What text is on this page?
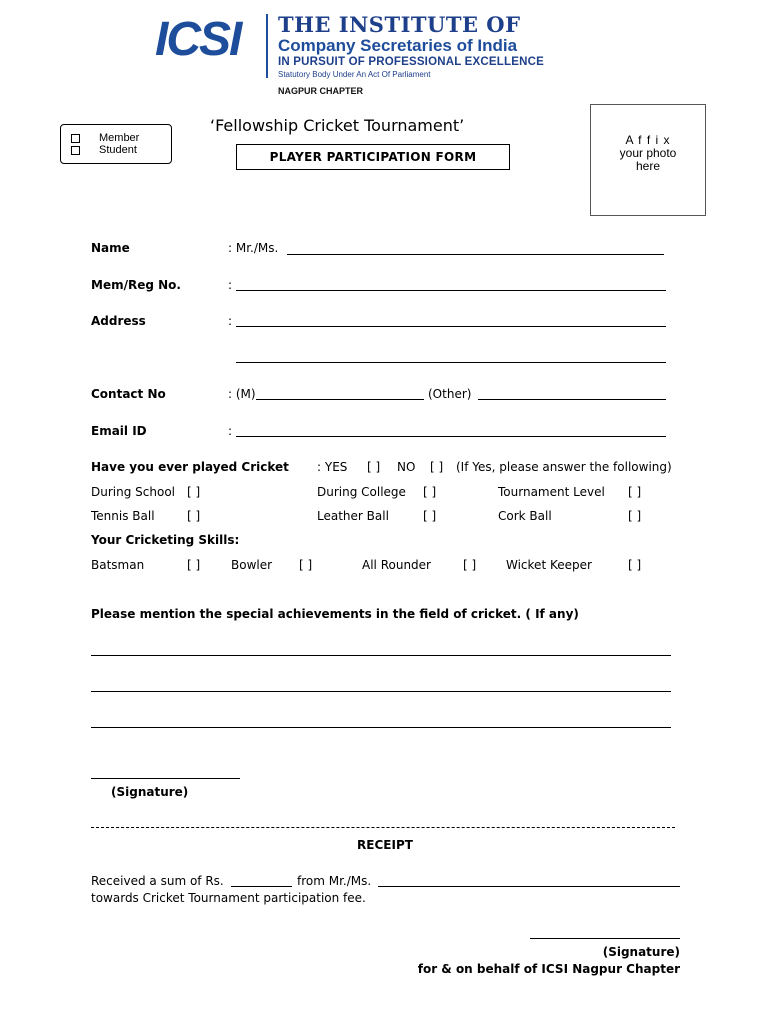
ICSI THE INSTITUTE OF
Company Secretaries of India
IN PURSUIT OF PROFESSIONAL EXCELLENCE
Statutory Body Under An Act Of Parliament
NAGPUR CHAPTER
Member
Student
‘Fellowship Cricket Tournament’
PLAYER PARTICIPATION FORM
A f f i x
your photo
here
Name	: Mr./Ms.
Mem/Reg No.	:
Address	:
Contact No	: (M)	(Other)
Email ID	:
Have you ever played Cricket : YES [ ] NO [ ] (If Yes, please answer the following)
During School [ ]	During College [ ]	Tournament Level [ ]
Tennis Ball	[ ]	Leather Ball	[ ]	Cork Ball	[ ]
Your Cricketing Skills:
Batsman	[ ]	Bowler [ ]	All Rounder	[ ] Wicket Keeper	[ ]
Please mention the special achievements in the field of cricket. ( If any)
(Signature)
RECEIPT
Received a sum of Rs.	from Mr./Ms.
towards Cricket Tournament participation fee.
(Signature)
for & on behalf of ICSI Nagpur Chapter
